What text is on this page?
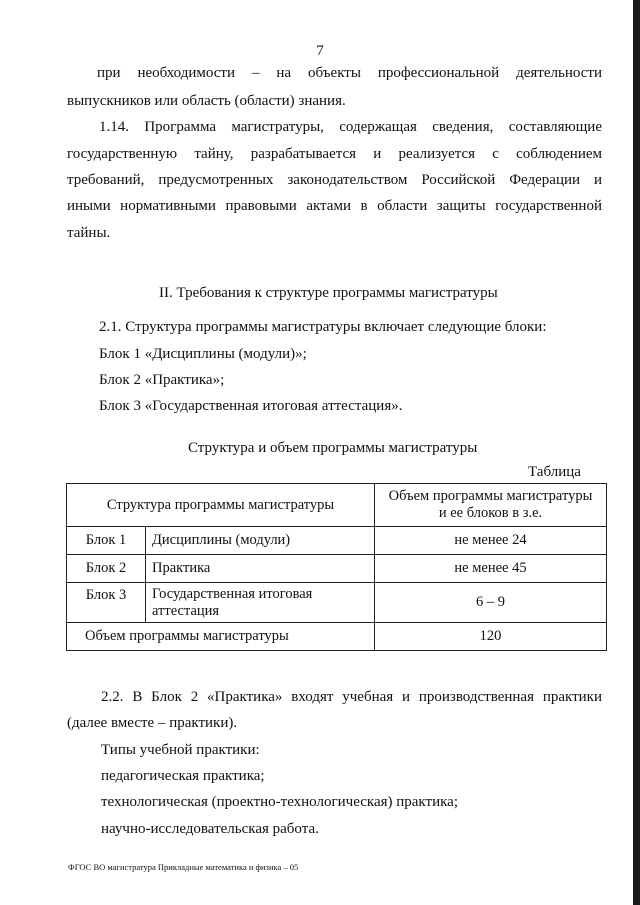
7
при необходимости – на объекты профессиональной деятельности
выпускников или область (области) знания.
1.14. Программа магистратуры, содержащая сведения, составляющие
государственную тайну, разрабатывается и реализуется с соблюдением
требований, предусмотренных законодательством Российской Федерации и
иными нормативными правовыми актами в области защиты государственной
тайны.
II. Требования к структуре программы магистратуры
2.1. Структура программы магистратуры включает следующие блоки:
Блок 1 «Дисциплины (модули)»;
Блок 2 «Практика»;
Блок 3 «Государственная итоговая аттестация».
Структура и объем программы магистратуры
Таблица
Структура программы магистратуры		Объем программы магистратуры
и ее блоков в з.е.
Блок 1	Дисциплины (модули)	не менее 24
Блок 2	Практика	не менее 45
Блок 3	Государственная итоговая аттестация	6 – 9
Объем программы магистратуры		120
2.2. В Блок 2 «Практика» входят учебная и производственная практики
(далее вместе – практики).
Типы учебной практики:
педагогическая практика;
технологическая (проектно-технологическая) практика;
научно-исследовательская работа.
ФГОС ВО магистратура Прикладные математика и физика – 05
